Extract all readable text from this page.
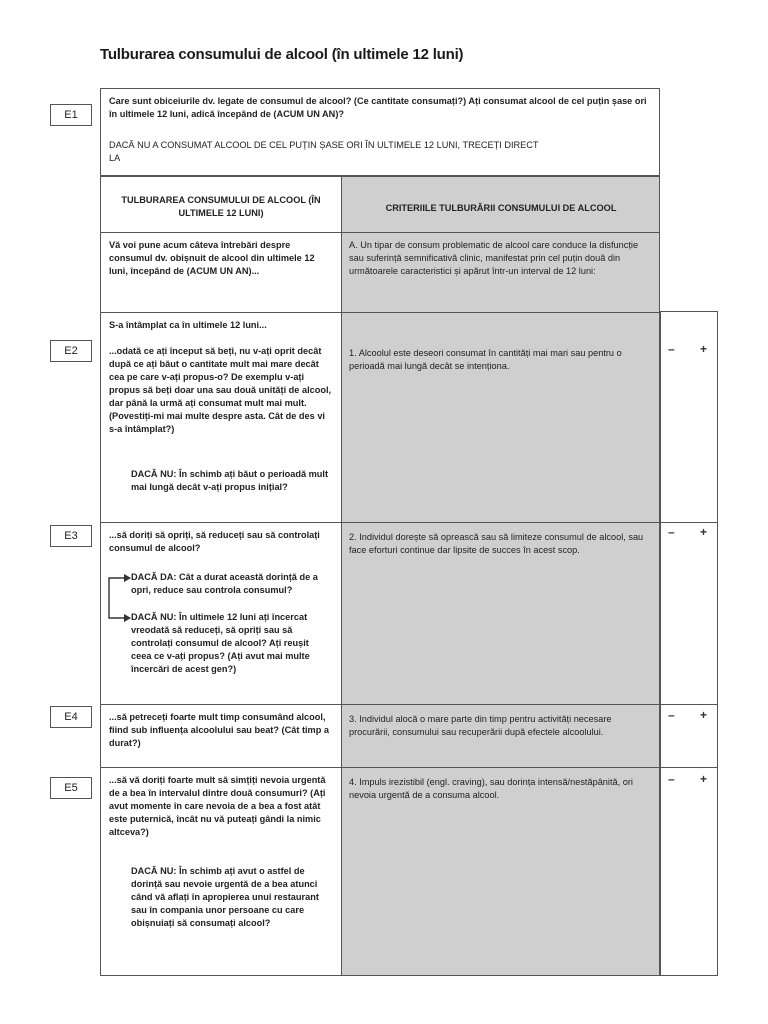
Tulburarea consumului de alcool (în ultimele 12 luni)
E1
Care sunt obiceiurile dv. legate de consumul de alcool? (Ce cantitate consumați?) Ați consumat alcool de cel puțin șase ori în ultimele 12 luni, adică începând de (ACUM UN AN)?
DACĂ NU A CONSUMAT ALCOOL DE CEL PUȚIN ȘASE ORI ÎN ULTIMELE 12 LUNI, TRECEȚI DIRECT LA
TULBURAREA CONSUMULUI DE ALCOOL (ÎN ULTIMELE 12 LUNI)	CRITERIILE TULBURĂRII CONSUMULUI DE ALCOOL
Vă voi pune acum câteva întrebări despre consumul dv. obișnuit de alcool din ultimele 12 luni, începând de (ACUM UN AN)...
A. Un tipar de consum problematic de alcool care conduce la disfuncție sau suferință semnificativă clinic, manifestat prin cel puțin două din următoarele caracteristici și apărut într-un interval de 12 luni:
S-a întâmplat ca în ultimele 12 luni...
...odată ce ați început să beți, nu v-ați oprit decât după ce ați băut o cantitate mult mai mare decât cea pe care v-ați propus-o? De exemplu v-ați propus să beți doar una sau două unități de alcool, dar până la urmă ați consumat mult mai mult. (Povestiți-mi mai multe despre asta. Cât de des vi s-a întâmplat?)
DACĂ NU: În schimb ați băut o perioadă mult mai lungă decât v-ați propus inițial?
1. Alcoolul este deseori consumat în cantități mai mari sau pentru o perioadă mai lungă decât se intenționa.
...să doriți să opriți, să reduceți sau să controlați consumul de alcool?
DACĂ DA: Cât a durat această dorință de a opri, reduce sau controla consumul?
DACĂ NU: În ultimele 12 luni ați încercat vreodată să reduceți, să opriți sau să controlați consumul de alcool? Ați reușit ceea ce v-ați propus? (Ați avut mai multe încercări de acest gen?)
2. Individul dorește să oprească sau să limiteze consumul de alcool, sau face eforturi continue dar lipsite de succes în acest scop.
...să petreceți foarte mult timp consumând alcool, fiind sub influența alcoolului sau beat? (Cât timp a durat?)
3. Individul alocă o mare parte din timp pentru activități necesare procurării, consumului sau recuperării după efectele alcoolului.
...să vă doriți foarte mult să simțiți nevoia urgentă de a bea în intervalul dintre două consumuri? (Ați avut momente în care nevoia de a bea a fost atât este puternică, încât nu vă puteați gândi la nimic altceva?)
DACĂ NU: În schimb ați avut o astfel de dorință sau nevoie urgentă de a bea atunci când vă aflați în apropierea unui restaurant sau în compania unor persoane cu care obișnuiați să consumați alcool?
4. Impuls irezistibil (engl. craving), sau dorința intensă/nestăpânită, ori nevoia urgentă de a consuma alcool.
– +
– +
– +
– +
E2
E3
E4
E5
